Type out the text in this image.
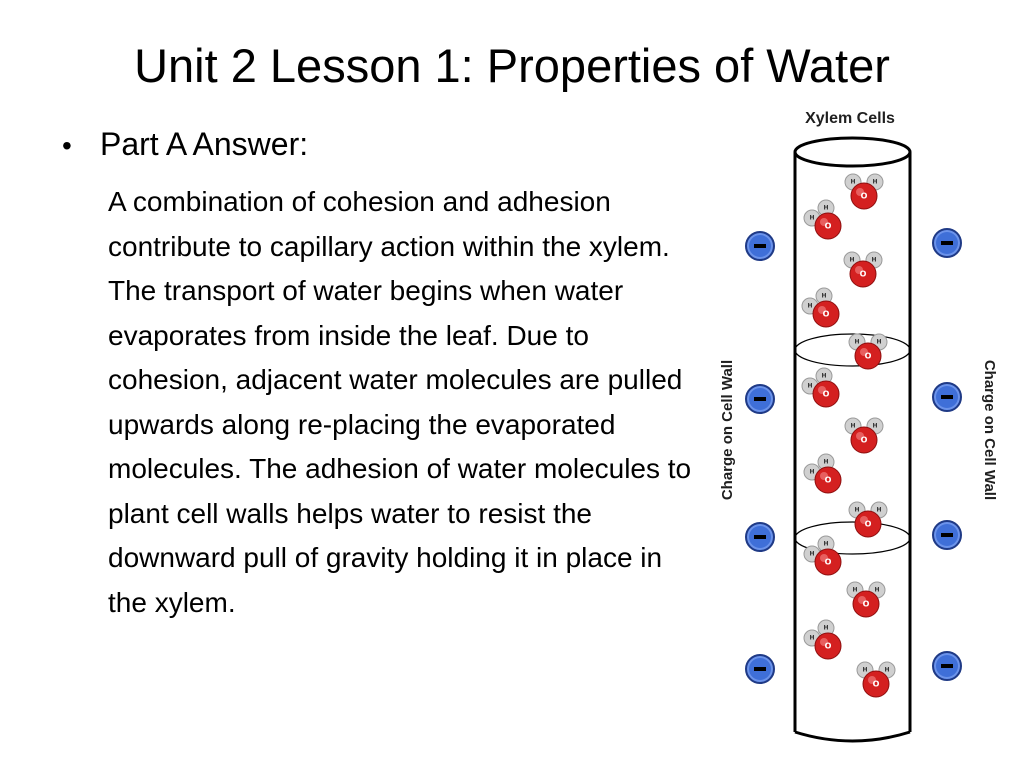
Unit 2 Lesson 1: Properties of Water
• Part A Answer:

A combination of cohesion and adhesion contribute to capillary action within the xylem. The transport of water begins when water evaporates from inside the leaf. Due to cohesion, adjacent water molecules are pulled upwards along re-placing the evaporated molecules. The adhesion of water molecules to plant cell walls helps water to resist the downward pull of gravity holding it in place in the xylem.

H	H
O
H
H
O
H	H
O
H
H
O
H	H
O
H
H
O
H	H
O
H
H
O
H	H
O
H
H
O
H	H
O
H
H
O
H	H
O
Xylem Cells
Charge on Cell Wall	Charge on Cell Wall
